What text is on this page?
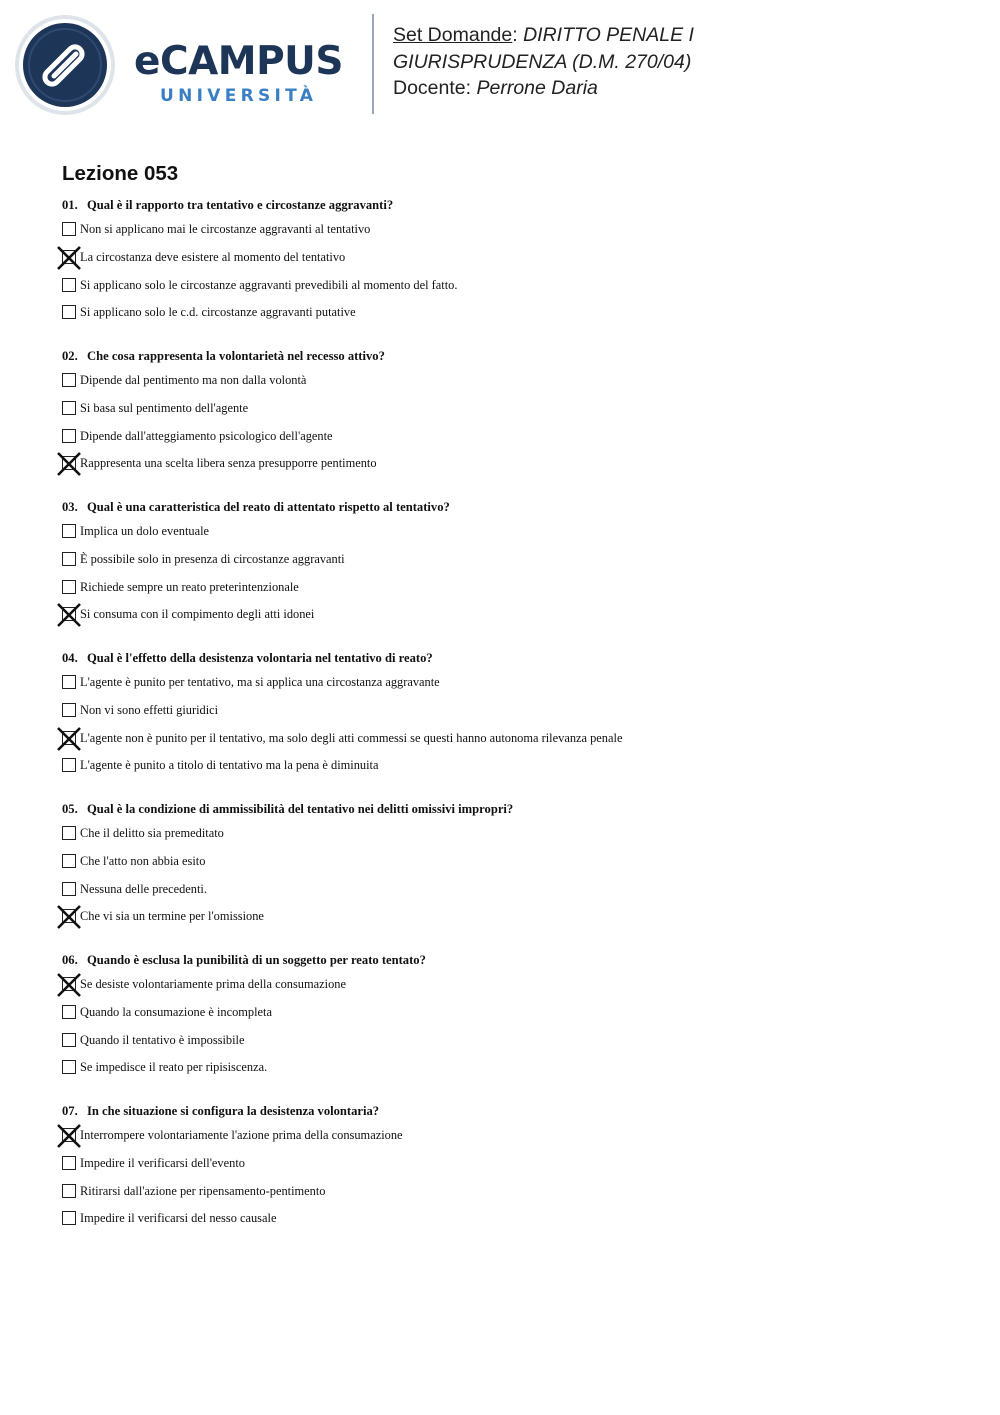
eCAMPUS
UNIVERSITÀ
Set Domande: DIRITTO PENALE I
GIURISPRUDENZA (D.M. 270/04)
Docente: Perrone Daria
Lezione 053
01. Qual è il rapporto tra tentativo e circostanze aggravanti?
Non si applicano mai le circostanze aggravanti al tentativo
La circostanza deve esistere al momento del tentativo
Si applicano solo le circostanze aggravanti prevedibili al momento del fatto.
Si applicano solo le c.d. circostanze aggravanti putative
02. Che cosa rappresenta la volontarietà nel recesso attivo?
Dipende dal pentimento ma non dalla volontà
Si basa sul pentimento dell'agente
Dipende dall'atteggiamento psicologico dell'agente
Rappresenta una scelta libera senza presupporre pentimento
03. Qual è una caratteristica del reato di attentato rispetto al tentativo?
Implica un dolo eventuale
È possibile solo in presenza di circostanze aggravanti
Richiede sempre un reato preterintenzionale
Si consuma con il compimento degli atti idonei
04. Qual è l'effetto della desistenza volontaria nel tentativo di reato?
L'agente è punito per tentativo, ma si applica una circostanza aggravante
Non vi sono effetti giuridici
L'agente non è punito per il tentativo, ma solo degli atti commessi se questi hanno autonoma rilevanza penale
L'agente è punito a titolo di tentativo ma la pena è diminuita
05. Qual è la condizione di ammissibilità del tentativo nei delitti omissivi impropri?
Che il delitto sia premeditato
Che l'atto non abbia esito
Nessuna delle precedenti.
Che vi sia un termine per l'omissione
06. Quando è esclusa la punibilità di un soggetto per reato tentato?
Se desiste volontariamente prima della consumazione
Quando la consumazione è incompleta
Quando il tentativo è impossibile
Se impedisce il reato per ripisiscenza.
07. In che situazione si configura la desistenza volontaria?
Interrompere volontariamente l'azione prima della consumazione
Impedire il verificarsi dell'evento
Ritirarsi dall'azione per ripensamento-pentimento
Impedire il verificarsi del nesso causale
